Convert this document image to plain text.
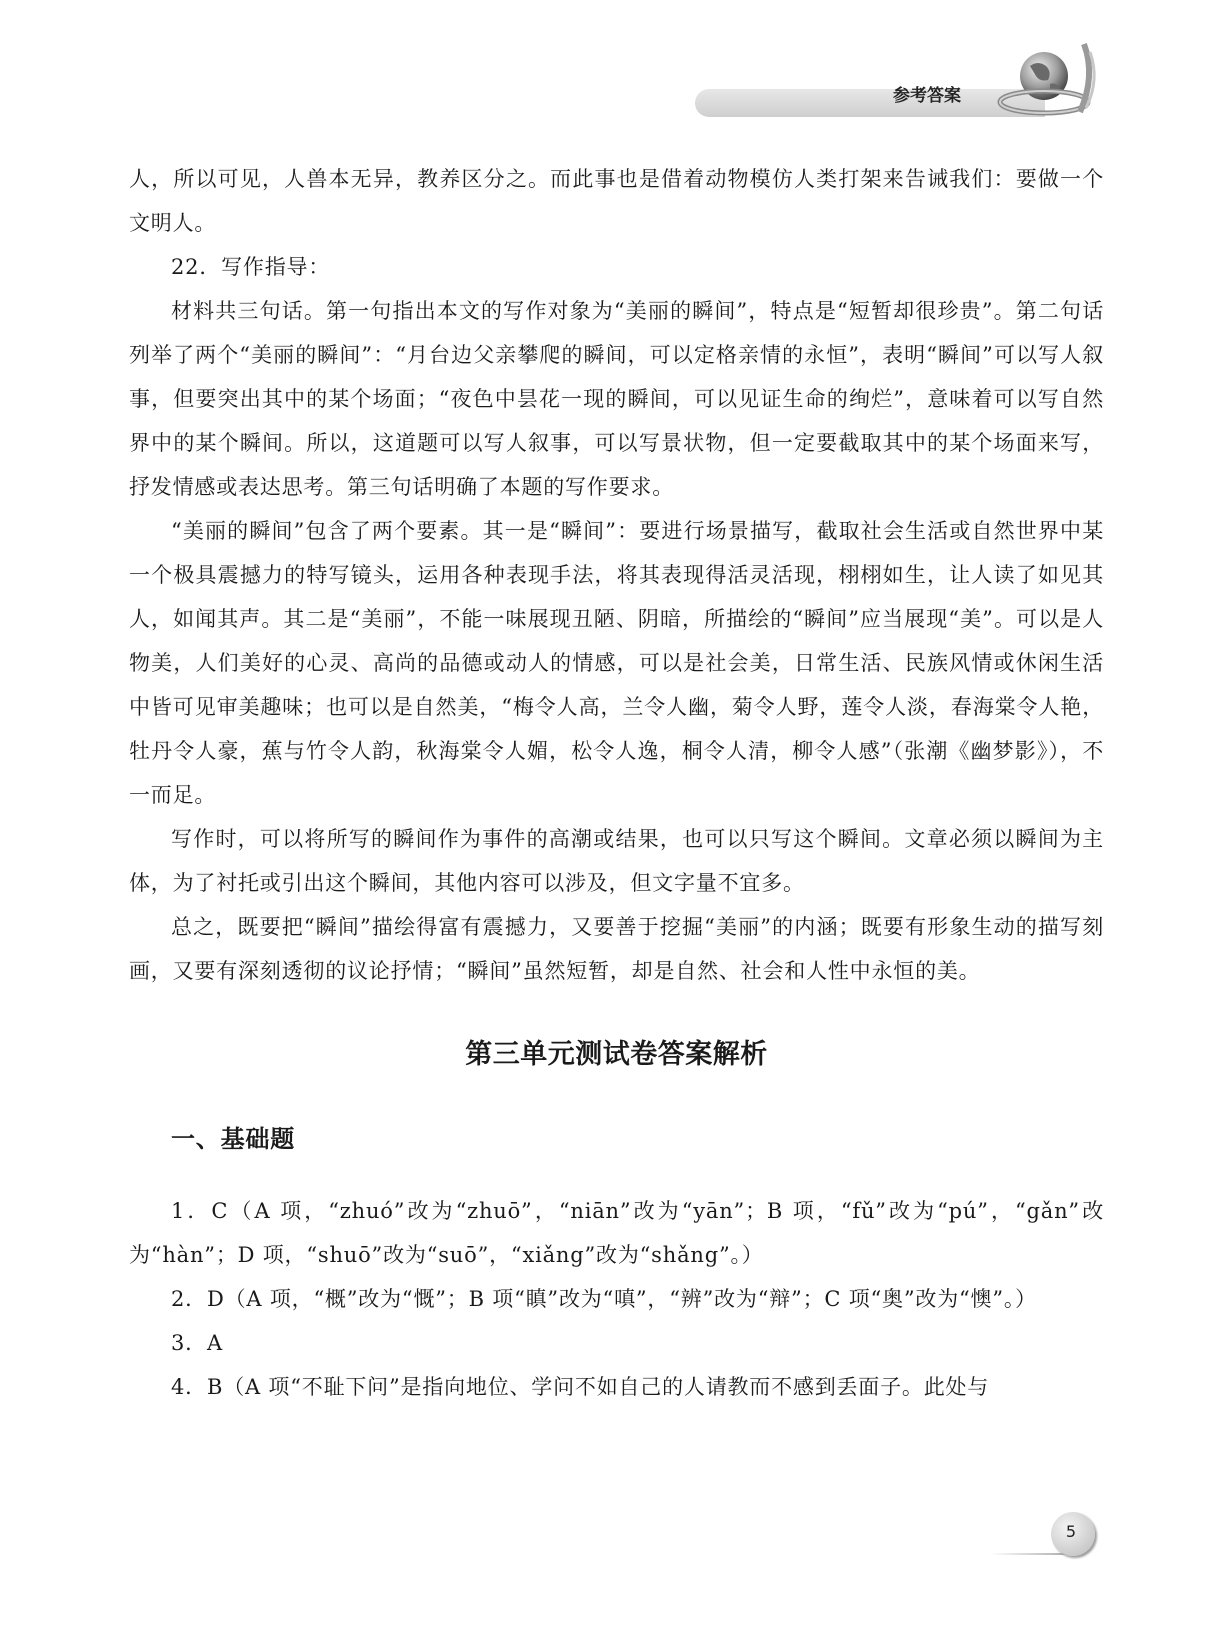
参考答案

人，所以可见，人兽本无异，教养区分之。而此事也是借着动物模仿人类打架来告诫我们：要做一个文明人。

22．写作指导：

材料共三句话。第一句指出本文的写作对象为“美丽的瞬间”，特点是“短暂却很珍贵”。第二句话列举了两个“美丽的瞬间”：“月台边父亲攀爬的瞬间，可以定格亲情的永恒”，表明“瞬间”可以写人叙事，但要突出其中的某个场面；“夜色中昙花一现的瞬间，可以见证生命的绚烂”，意味着可以写自然界中的某个瞬间。所以，这道题可以写人叙事，可以写景状物，但一定要截取其中的某个场面来写，抒发情感或表达思考。第三句话明确了本题的写作要求。

“美丽的瞬间”包含了两个要素。其一是“瞬间”：要进行场景描写，截取社会生活或自然世界中某一个极具震撼力的特写镜头，运用各种表现手法，将其表现得活灵活现，栩栩如生，让人读了如见其人，如闻其声。其二是“美丽”，不能一味展现丑陋、阴暗，所描绘的“瞬间”应当展现“美”。可以是人物美，人们美好的心灵、高尚的品德或动人的情感，可以是社会美，日常生活、民族风情或休闲生活中皆可见审美趣味；也可以是自然美，“梅令人高，兰令人幽，菊令人野，莲令人淡，春海棠令人艳，牡丹令人豪，蕉与竹令人韵，秋海棠令人媚，松令人逸，桐令人清，柳令人感”（张潮《幽梦影》），不一而足。

写作时，可以将所写的瞬间作为事件的高潮或结果，也可以只写这个瞬间。文章必须以瞬间为主体，为了衬托或引出这个瞬间，其他内容可以涉及，但文字量不宜多。

总之，既要把“瞬间”描绘得富有震撼力，又要善于挖掘“美丽”的内涵；既要有形象生动的描写刻画，又要有深刻透彻的议论抒情；“瞬间”虽然短暂，却是自然、社会和人性中永恒的美。

第三单元测试卷答案解析

一、基础题

1．C（A 项，“zhuó”改为“zhuō”，“niān”改为“yān”；B 项，“fǔ”改为“pú”，“gǎn”改为“hàn”；D 项，“shuō”改为“suō”，“xiǎng”改为“shǎng”。）

2．D（A 项，“概”改为“慨”；B 项“瞋”改为“嗔”，“辨”改为“辩”；C 项“奥”改为“懊”。）

3．A

4．B（A 项“不耻下问”是指向地位、学问不如自己的人请教而不感到丢面子。此处与

5
